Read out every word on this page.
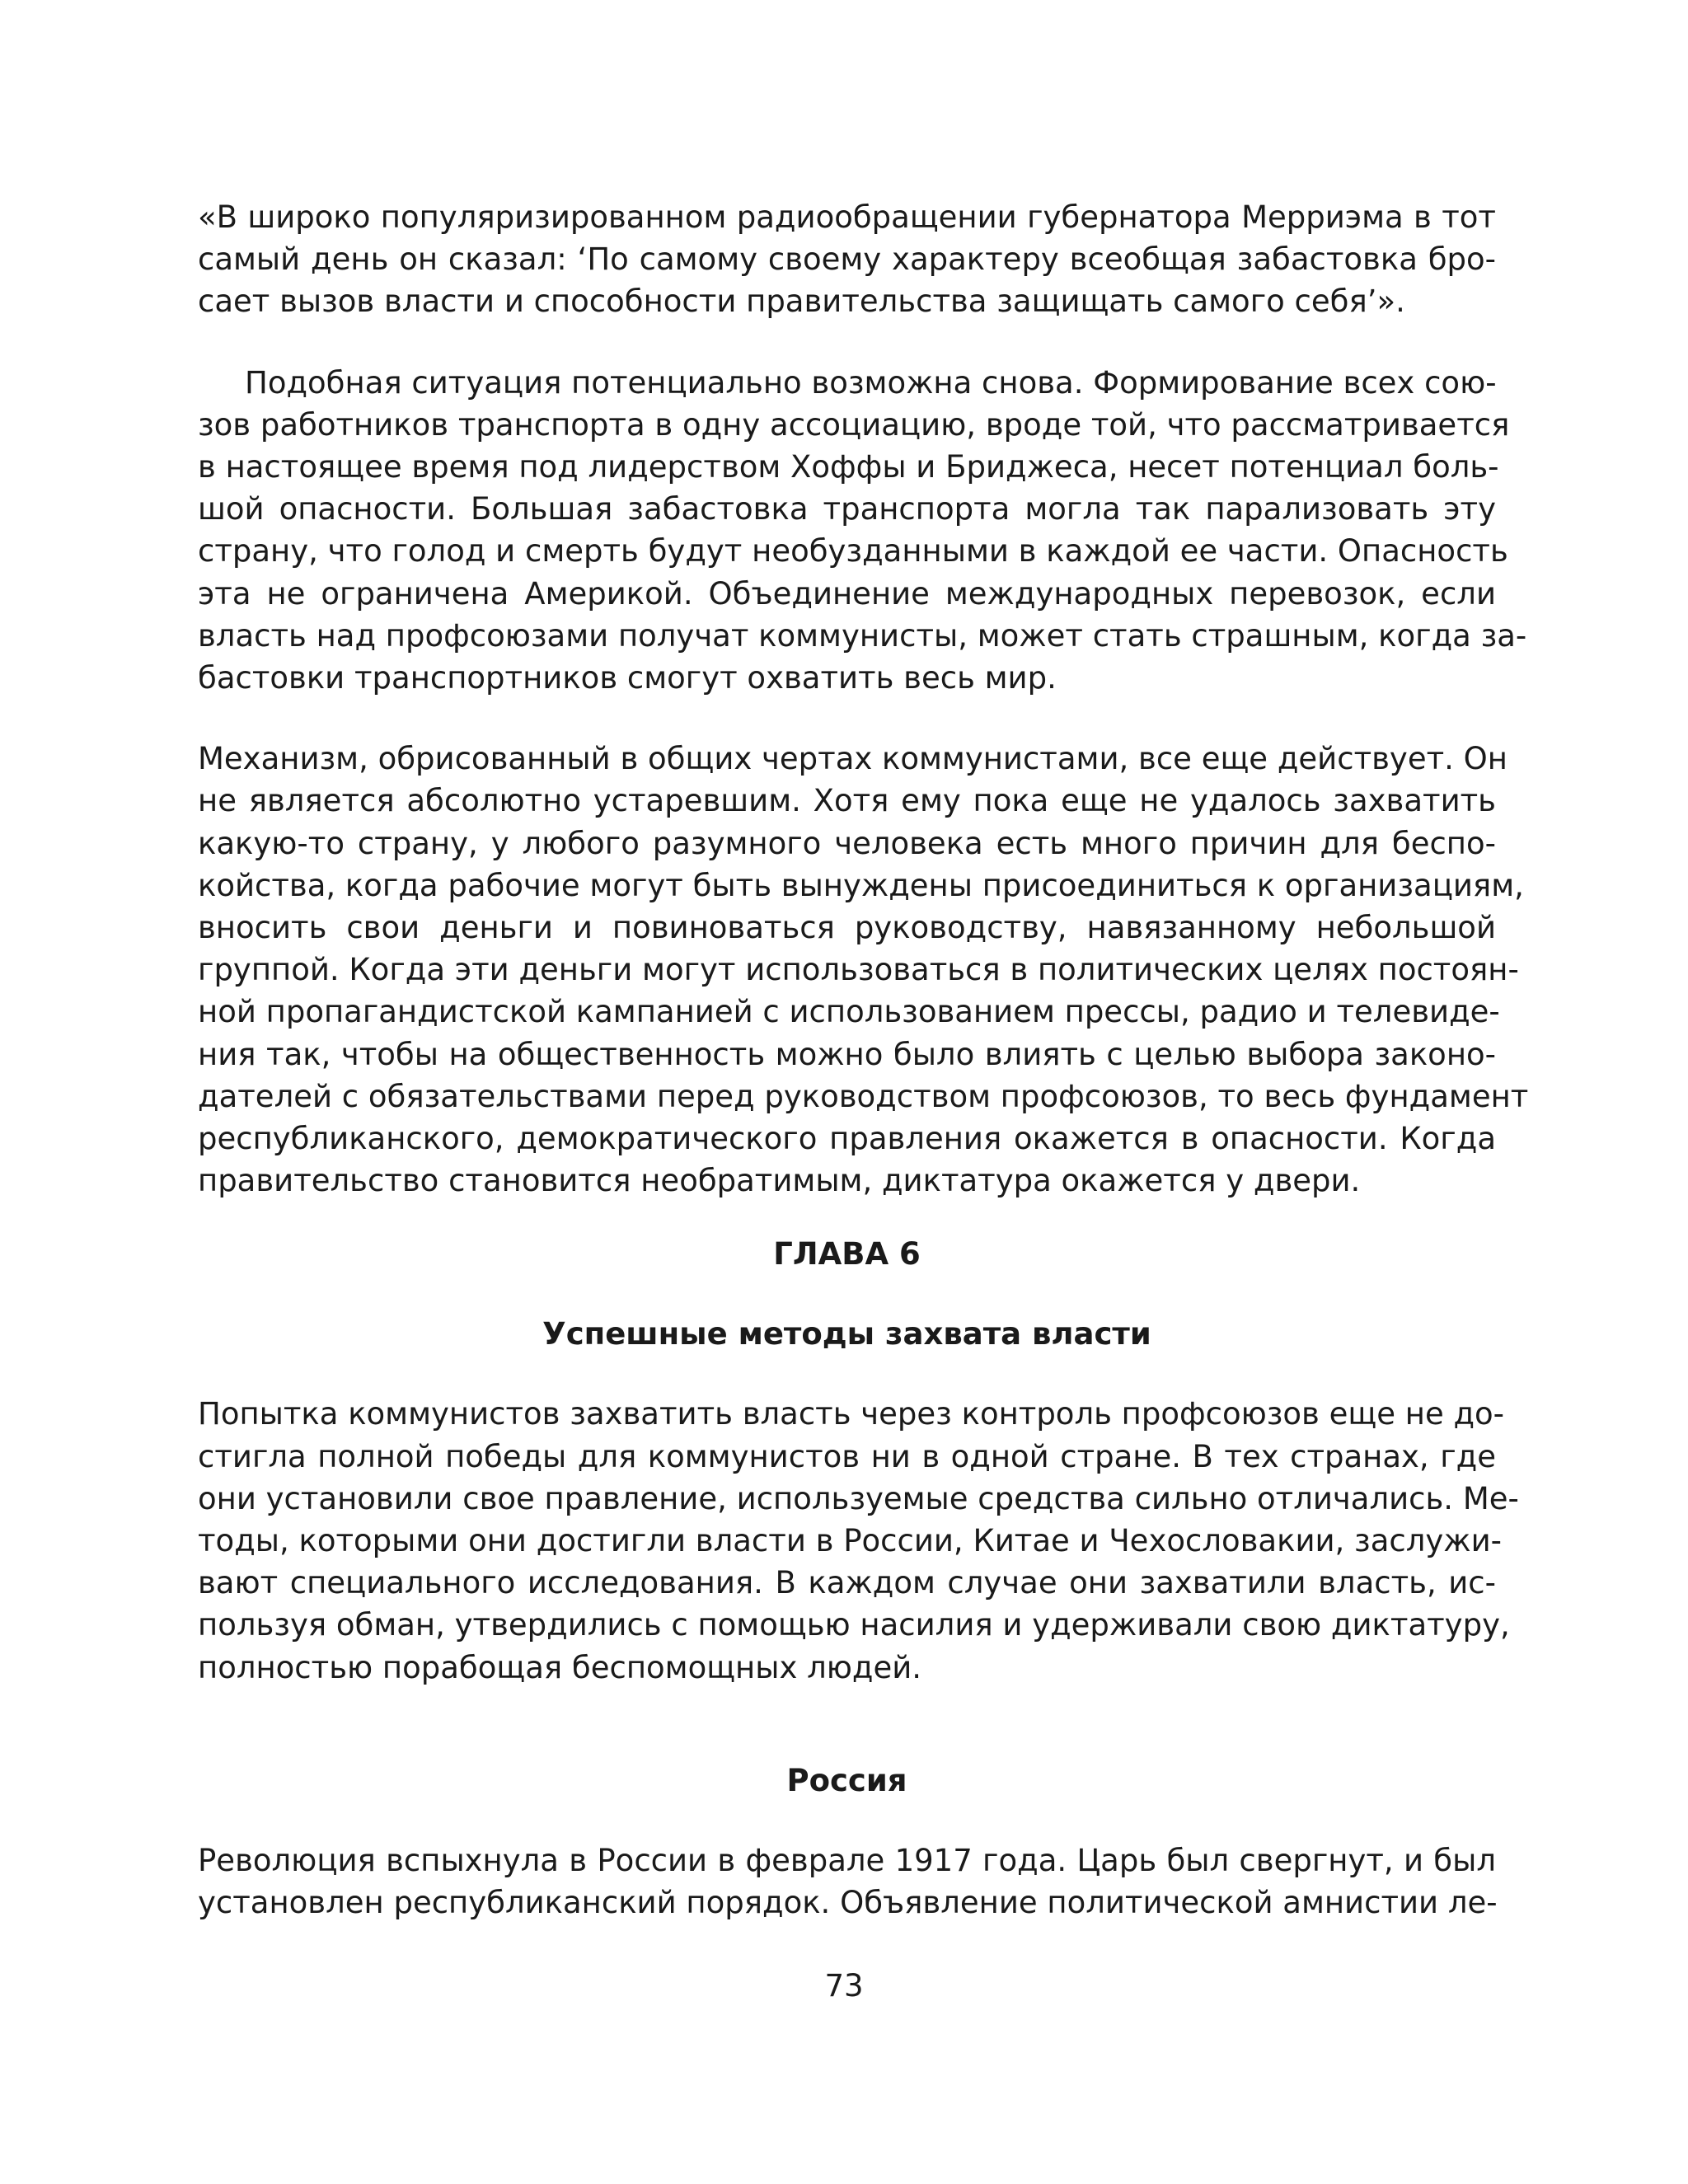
«В широко популяризированном радиообращении губернатора Мерриэма в тот
самый день он сказал: ‘По самому своему характеру всеобщая забастовка бро-
сает вызов власти и способности правительства защищать самого себя’».
Подобная ситуация потенциально возможна снова. Формирование всех сою-
зов работников транспорта в одну ассоциацию, вроде той, что рассматривается
в настоящее время под лидерством Хоффы и Бриджеса, несет потенциал боль-
шой опасности. Большая забастовка транспорта могла так парализовать эту
страну, что голод и смерть будут необузданными в каждой ее части. Опасность
эта не ограничена Америкой. Объединение международных перевозок, если
власть над профсоюзами получат коммунисты, может стать страшным, когда за-
бастовки транспортников смогут охватить весь мир.
Механизм, обрисованный в общих чертах коммунистами, все еще действует. Он
не является абсолютно устаревшим. Хотя ему пока еще не удалось захватить
какую-то страну, у любого разумного человека есть много причин для беспо-
койства, когда рабочие могут быть вынуждены присоединиться к организациям,
вносить свои деньги и повиноваться руководству, навязанному небольшой
группой. Когда эти деньги могут использоваться в политических целях постоян-
ной пропагандистской кампанией с использованием прессы, радио и телевиде-
ния так, чтобы на общественность можно было влиять с целью выбора законо-
дателей с обязательствами перед руководством профсоюзов, то весь фундамент
республиканского, демократического правления окажется в опасности. Когда
правительство становится необратимым, диктатура окажется у двери.
ГЛАВА 6
Успешные методы захвата власти
Попытка коммунистов захватить власть через контроль профсоюзов еще не до-
стигла полной победы для коммунистов ни в одной стране. В тех странах, где
они установили свое правление, используемые средства сильно отличались. Ме-
тоды, которыми они достигли власти в России, Китае и Чехословакии, заслужи-
вают специального исследования. В каждом случае они захватили власть, ис-
пользуя обман, утвердились с помощью насилия и удерживали свою диктатуру,
полностью порабощая беспомощных людей.
Россия
Революция вспыхнула в России в феврале 1917 года. Царь был свергнут, и был
установлен республиканский порядок. Объявление политической амнистии ле-
73
